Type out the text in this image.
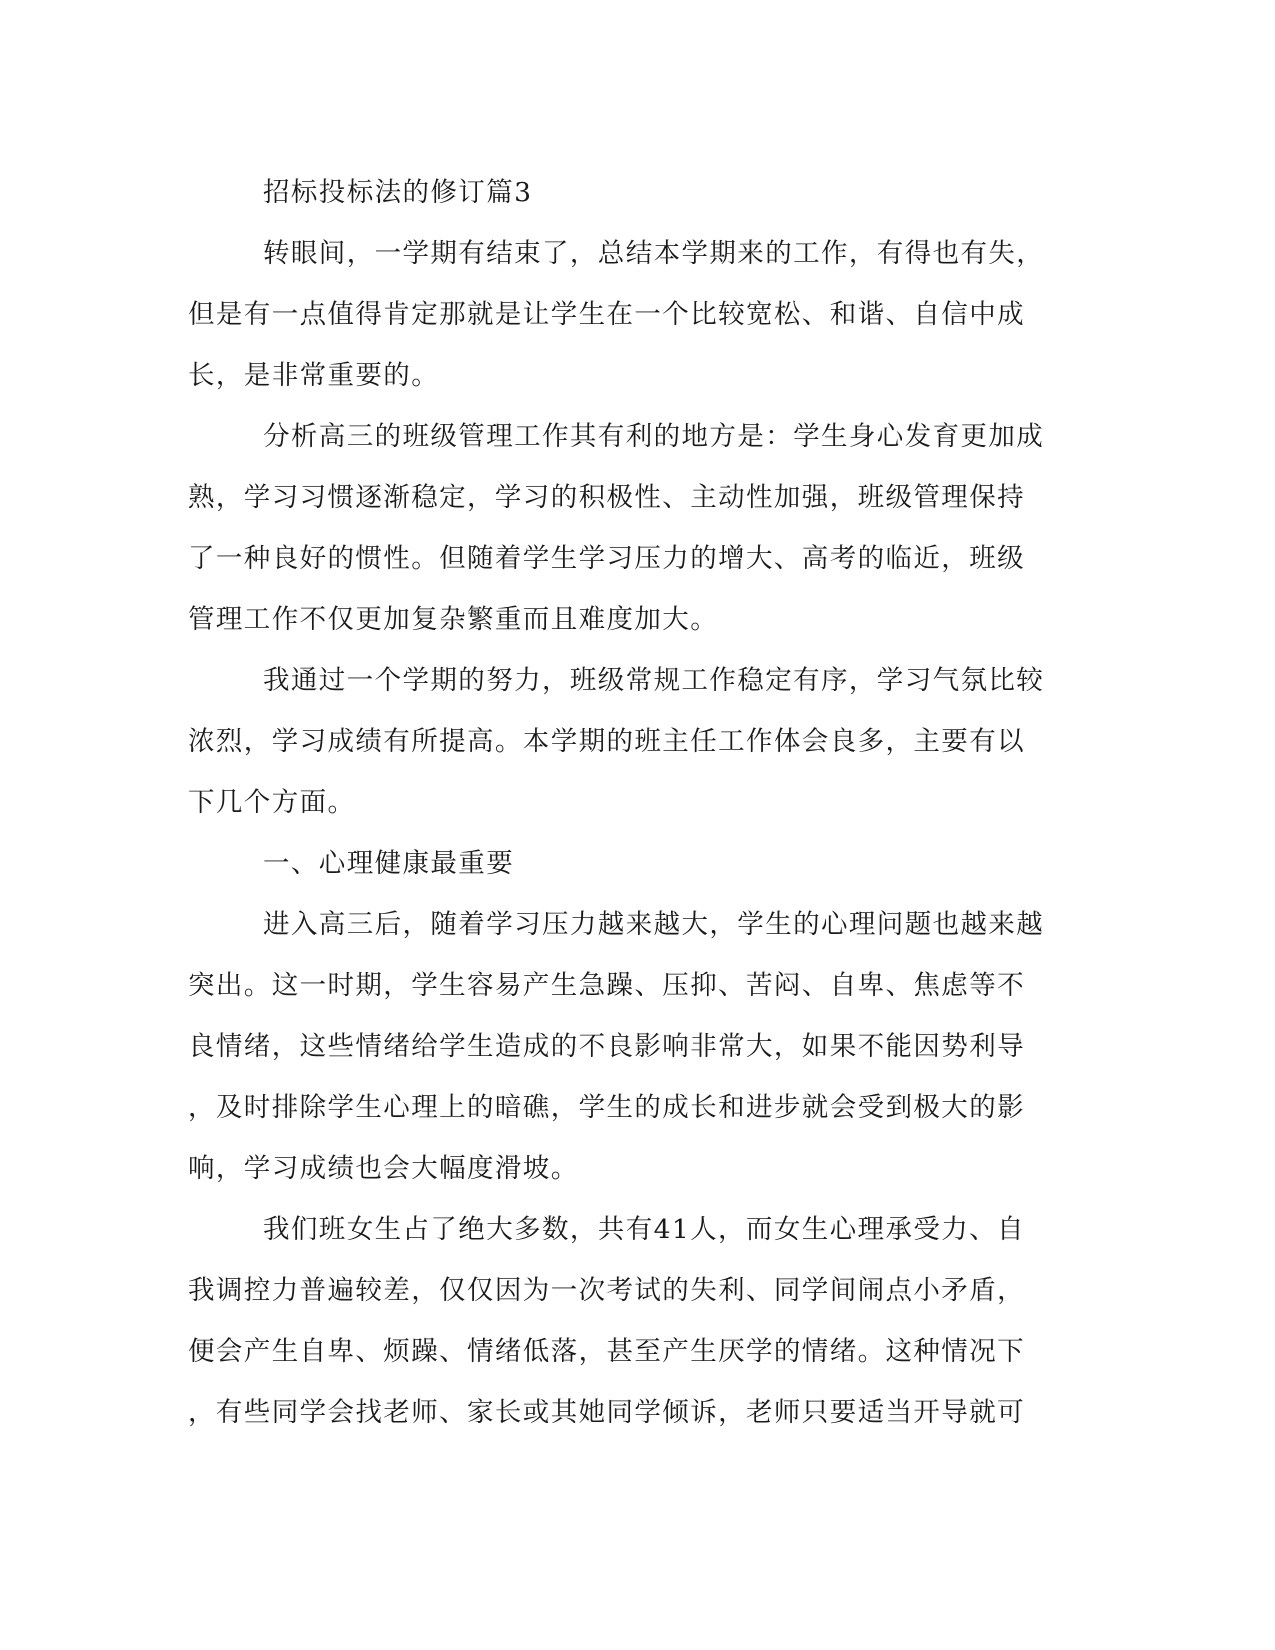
招标投标法的修订篇3
转眼间，一学期有结束了，总结本学期来的工作，有得也有失，
但是有一点值得肯定那就是让学生在一个比较宽松、和谐、自信中成
长，是非常重要的。
分析高三的班级管理工作其有利的地方是：学生身心发育更加成
熟，学习习惯逐渐稳定，学习的积极性、主动性加强，班级管理保持
了一种良好的惯性。但随着学生学习压力的增大、高考的临近，班级
管理工作不仅更加复杂繁重而且难度加大。
我通过一个学期的努力，班级常规工作稳定有序，学习气氛比较
浓烈，学习成绩有所提高。本学期的班主任工作体会良多，主要有以
下几个方面。
一、心理健康最重要
进入高三后，随着学习压力越来越大，学生的心理问题也越来越
突出。这一时期，学生容易产生急躁、压抑、苦闷、自卑、焦虑等不
良情绪，这些情绪给学生造成的不良影响非常大，如果不能因势利导
，及时排除学生心理上的暗礁，学生的成长和进步就会受到极大的影
响，学习成绩也会大幅度滑坡。
我们班女生占了绝大多数，共有41人，而女生心理承受力、自
我调控力普遍较差，仅仅因为一次考试的失利、同学间闹点小矛盾，
便会产生自卑、烦躁、情绪低落，甚至产生厌学的情绪。这种情况下
，有些同学会找老师、家长或其她同学倾诉，老师只要适当开导就可
